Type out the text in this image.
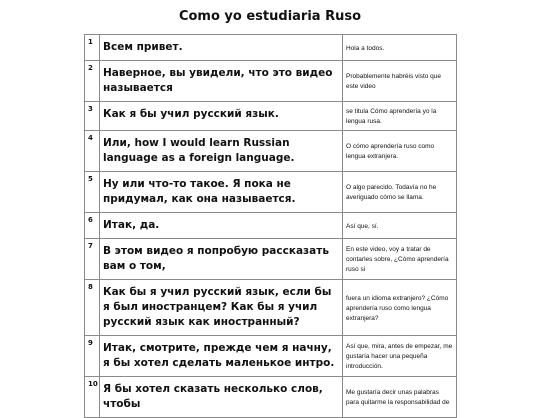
Como yo estudiaria Ruso
1	Всем привет.	Hola a todos.
2	Наверное, вы увидели, что это видео называется	Probablemente habréis visto que este video
3	Как я бы учил русский язык.	se titula Cómo aprendería yo la lengua rusa.
4	Или, how I would learn Russian language as a foreign language.	O cómo aprendería ruso como lengua extranjera.
5	Ну или что-то такое. Я пока не придумал, как она называется.	O algo parecido. Todavía no he averiguado cómo se llama.
6	Итак, да.	Así que, sí.
7	В этом видео я попробую рассказать вам о том,	En este video, voy a tratar de contarles sobre, ¿Cómo aprendería ruso si
8	Как бы я учил русский язык, если бы я был иностранцем? Как бы я учил русский язык как иностранный?	fuera un idioma extranjero? ¿Cómo aprendería ruso como lengua extranjera?
9	Итак, смотрите, прежде чем я начну, я бы хотел сделать маленькое интро.	Así que, mira, antes de empezar, me gustaría hacer una pequeña introducción.
10	Я бы хотел сказать несколько слов, чтобы	Me gustaría decir unas palabras para quitarme la responsabilidad de
